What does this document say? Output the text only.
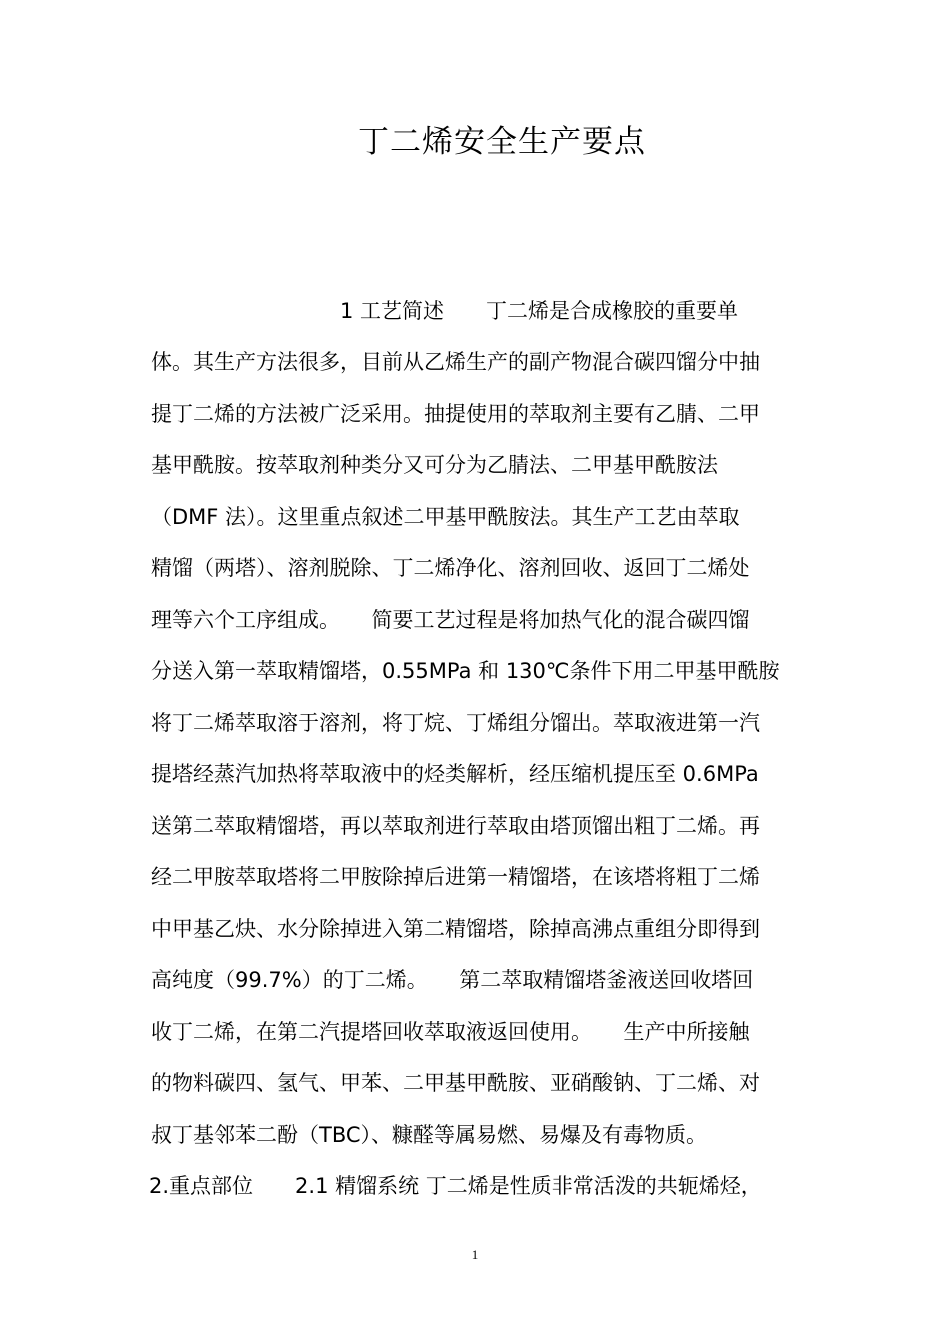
丁二烯安全生产要点
1 工艺简述　　丁二烯是合成橡胶的重要单
体。其生产方法很多，目前从乙烯生产的副产物混合碳四馏分中抽
提丁二烯的方法被广泛采用。抽提使用的萃取剂主要有乙腈、二甲
基甲酰胺。按萃取剂种类分又可分为乙腈法、二甲基甲酰胺法
（DMF 法）。这里重点叙述二甲基甲酰胺法。其生产工艺由萃取
精馏（两塔）、溶剂脱除、丁二烯净化、溶剂回收、返回丁二烯处
理等六个工序组成。　　简要工艺过程是将加热气化的混合碳四馏
分送入第一萃取精馏塔，0.55MPa 和 130℃条件下用二甲基甲酰胺
将丁二烯萃取溶于溶剂，将丁烷、丁烯组分馏出。萃取液进第一汽
提塔经蒸汽加热将萃取液中的烃类解析，经压缩机提压至 0.6MPa
送第二萃取精馏塔，再以萃取剂进行萃取由塔顶馏出粗丁二烯。再
经二甲胺萃取塔将二甲胺除掉后进第一精馏塔，在该塔将粗丁二烯
中甲基乙炔、水分除掉进入第二精馏塔，除掉高沸点重组分即得到
高纯度（99.7%）的丁二烯。　　第二萃取精馏塔釜液送回收塔回
收丁二烯，在第二汽提塔回收萃取液返回使用。　　生产中所接触
的物料碳四、氢气、甲苯、二甲基甲酰胺、亚硝酸钠、丁二烯、对
叔丁基邻苯二酚（TBC）、糠醛等属易燃、易爆及有毒物质。
2.重点部位　　2.1 精馏系统 丁二烯是性质非常活泼的共轭烯烃，
1
